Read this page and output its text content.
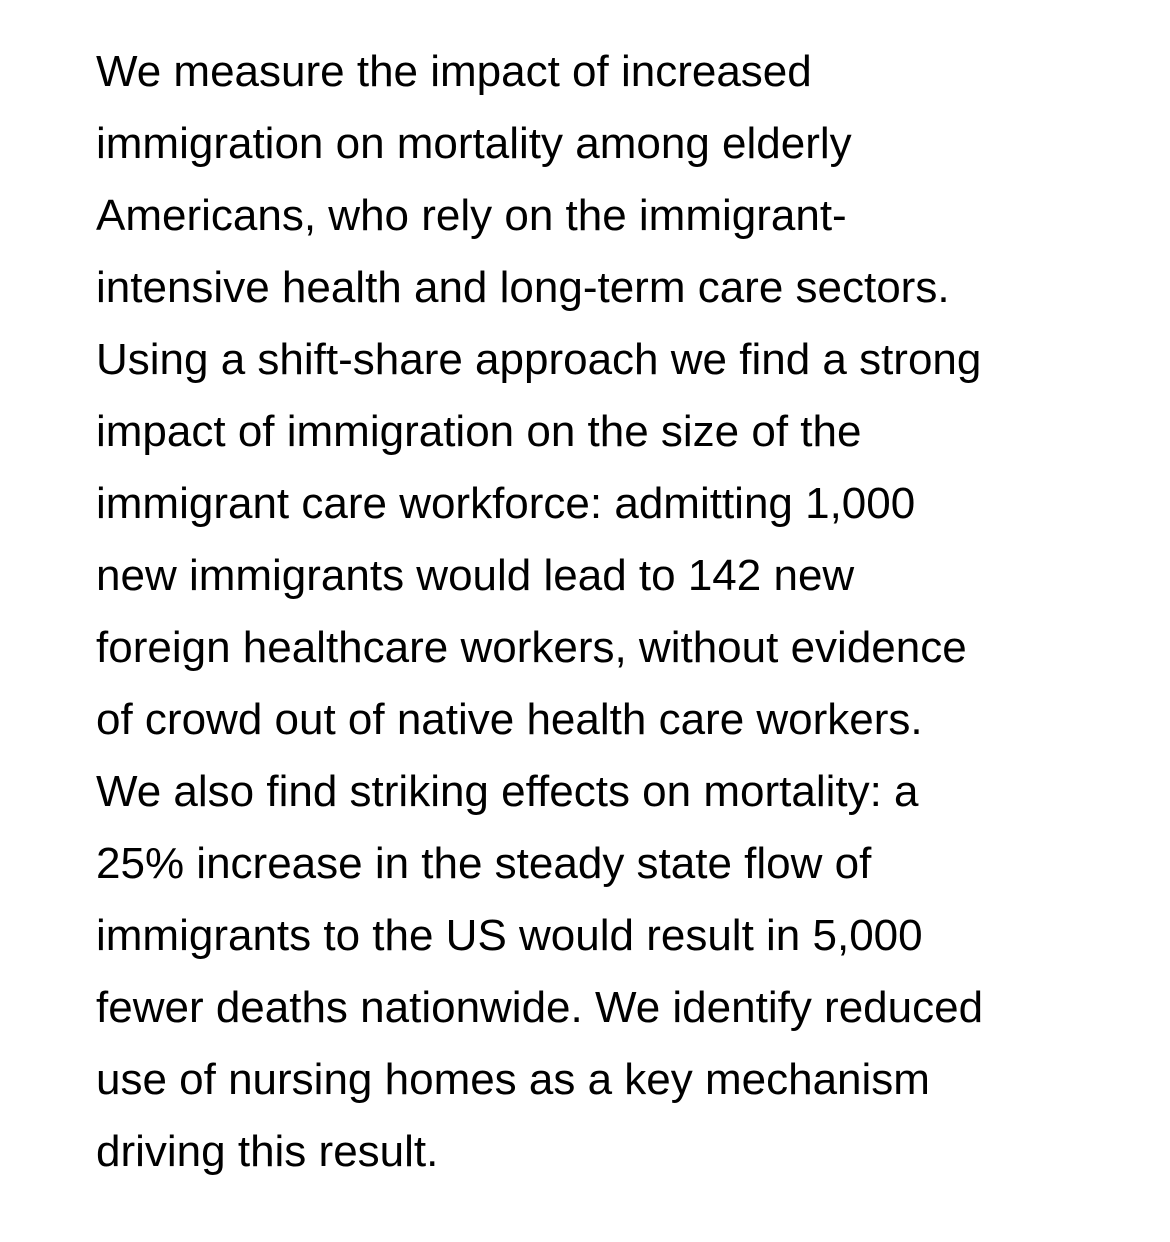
We measure the impact of increased
immigration on mortality among elderly
Americans, who rely on the immigrant-
intensive health and long-term care sectors.
Using a shift-share approach we find a strong
impact of immigration on the size of the
immigrant care workforce: admitting 1,000
new immigrants would lead to 142 new
foreign healthcare workers, without evidence
of crowd out of native health care workers.
We also find striking effects on mortality: a
25% increase in the steady state flow of
immigrants to the US would result in 5,000
fewer deaths nationwide. We identify reduced
use of nursing homes as a key mechanism
driving this result.
